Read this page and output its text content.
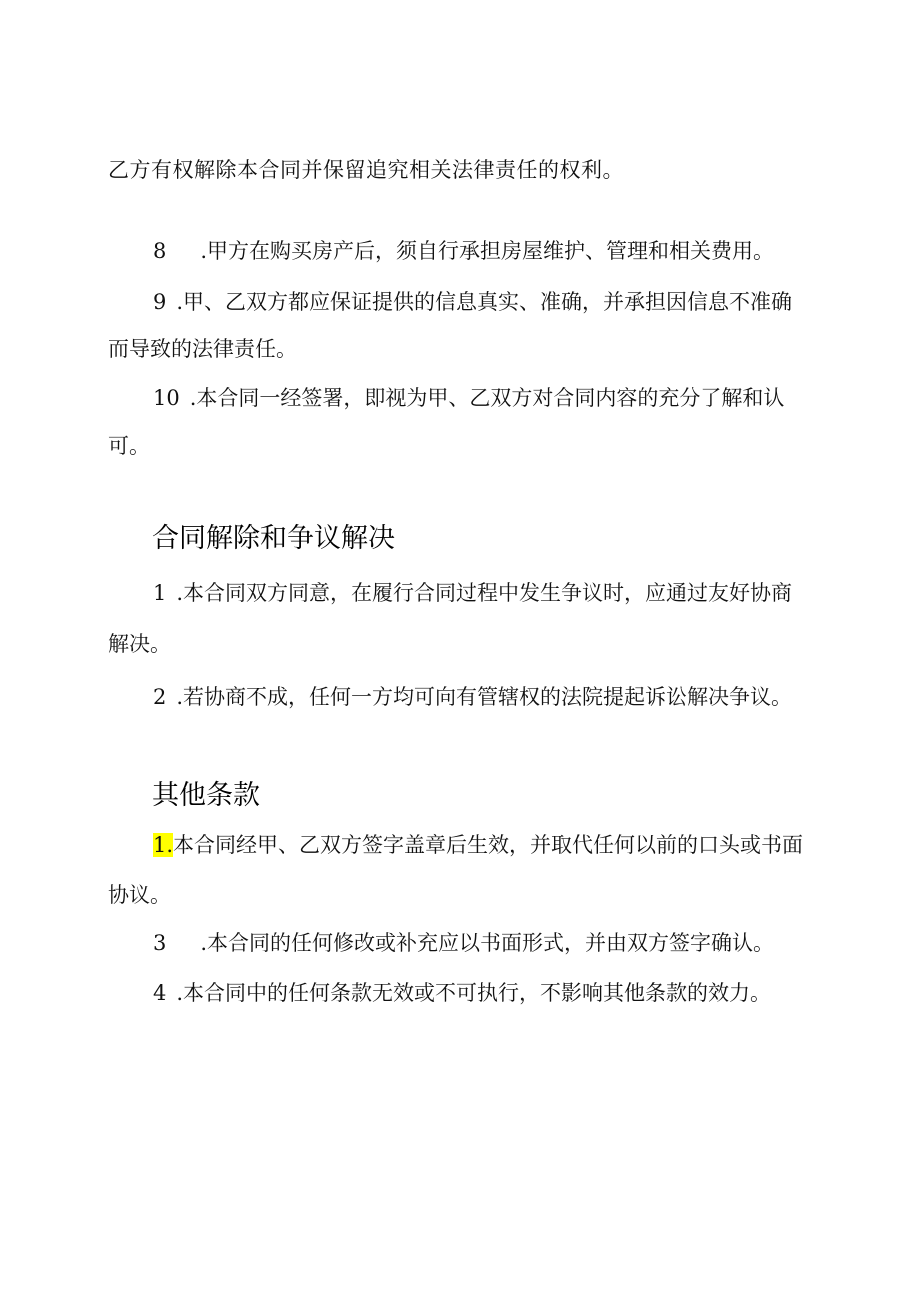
乙方有权解除本合同并保留追究相关法律责任的权利。
8 .甲方在购买房产后，须自行承担房屋维护、管理和相关费用。
9 .甲、乙双方都应保证提供的信息真实、准确，并承担因信息不准确
而导致的法律责任。
10 .本合同一经签署，即视为甲、乙双方对合同内容的充分了解和认
可。
合同解除和争议解决
1 .本合同双方同意，在履行合同过程中发生争议时，应通过友好协商
解决。
2 .若协商不成，任何一方均可向有管辖权的法院提起诉讼解决争议。
其他条款
1.本合同经甲、乙双方签字盖章后生效，并取代任何以前的口头或书面
协议。
3 .本合同的任何修改或补充应以书面形式，并由双方签字确认。
4 .本合同中的任何条款无效或不可执行，不影响其他条款的效力。
